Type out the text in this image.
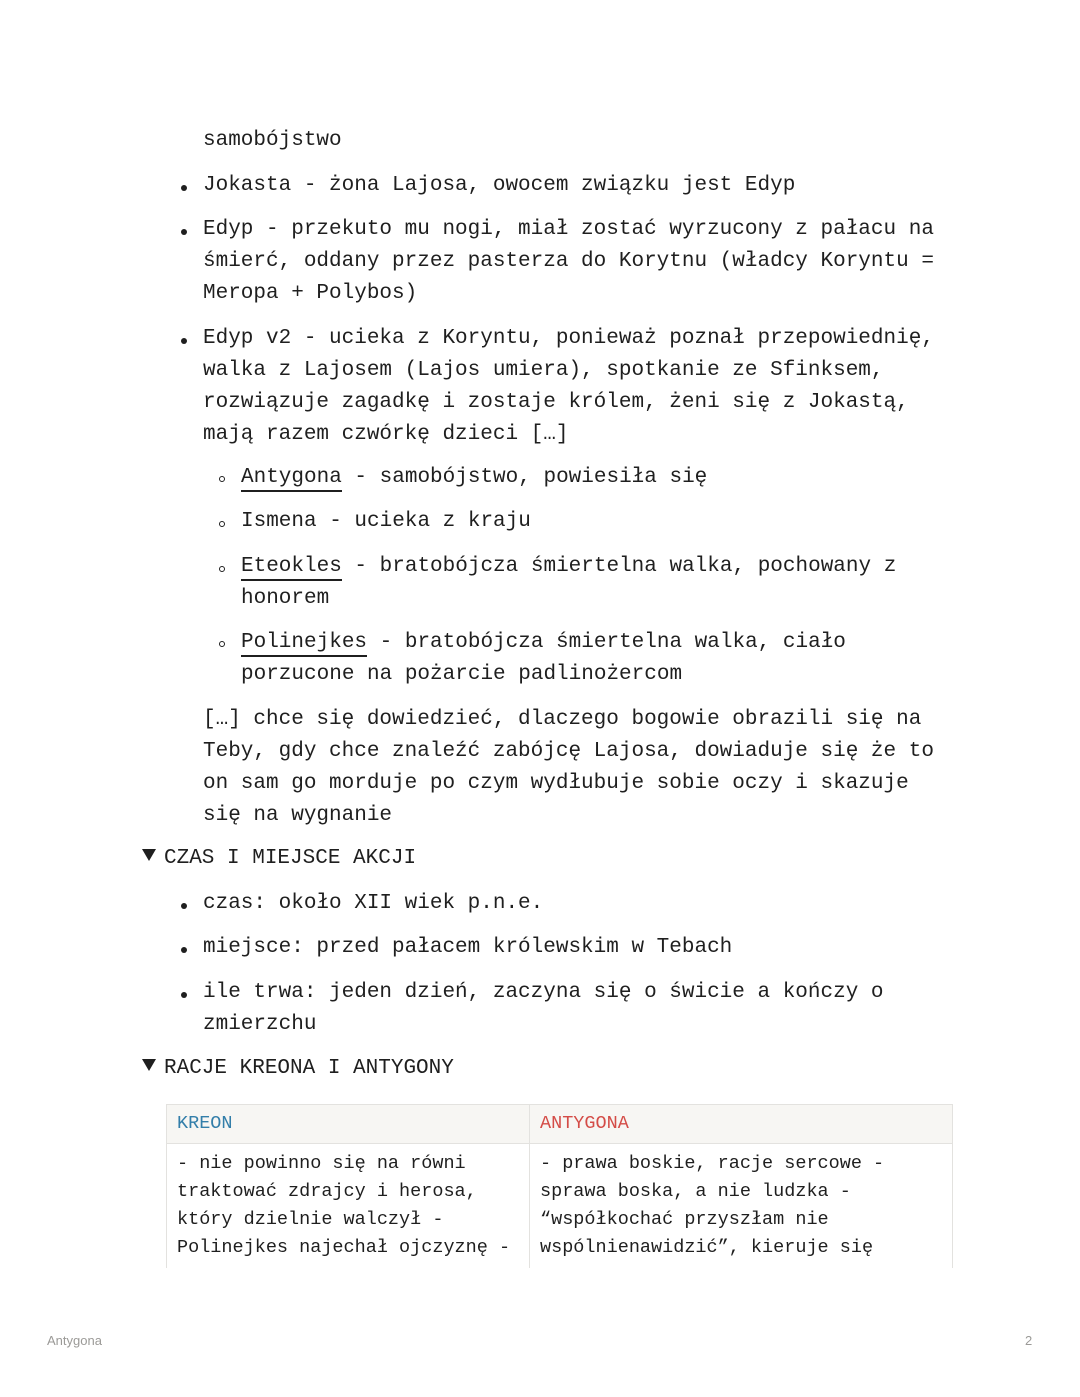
samobójstwo
Jokasta - żona Lajosa, owocem związku jest Edyp
Edyp - przekuto mu nogi, miał zostać wyrzucony z pałacu na
śmierć, oddany przez pasterza do Korytnu (władcy Koryntu =
Meropa + Polybos)
Edyp v2 - ucieka z Koryntu, ponieważ poznał przepowiednię,
walka z Lajosem (Lajos umiera), spotkanie ze Sfinksem,
rozwiązuje zagadkę i zostaje królem, żeni się z Jokastą,
mają razem czwórkę dzieci […]
Antygona - samobójstwo, powiesiła się
Ismena - ucieka z kraju
Eteokles - bratobójcza śmiertelna walka, pochowany z
honorem
Polinejkes - bratobójcza śmiertelna walka, ciało
porzucone na pożarcie padlinożercom
[…] chce się dowiedzieć, dlaczego bogowie obrazili się na
Teby, gdy chce znaleźć zabójcę Lajosa, dowiaduje się że to
on sam go morduje po czym wydłubuje sobie oczy i skazuje
się na wygnanie
CZAS I MIEJSCE AKCJI
czas: około XII wiek p.n.e.
miejsce: przed pałacem królewskim w Tebach
ile trwa: jeden dzień, zaczyna się o świcie a kończy o
zmierzchu
RACJE KREONA I ANTYGONY
KREON	ANTYGONA

- nie powinno się na równi
traktować zdrajcy i herosa,
który dzielnie walczył -
Polinejkes najechał ojczyznę -	- prawa boskie, racje sercowe -
sprawa boska, a nie ludzka -
“współkochać przyszłam nie
wspólnienawidzić”, kieruje się
Antygona	2
